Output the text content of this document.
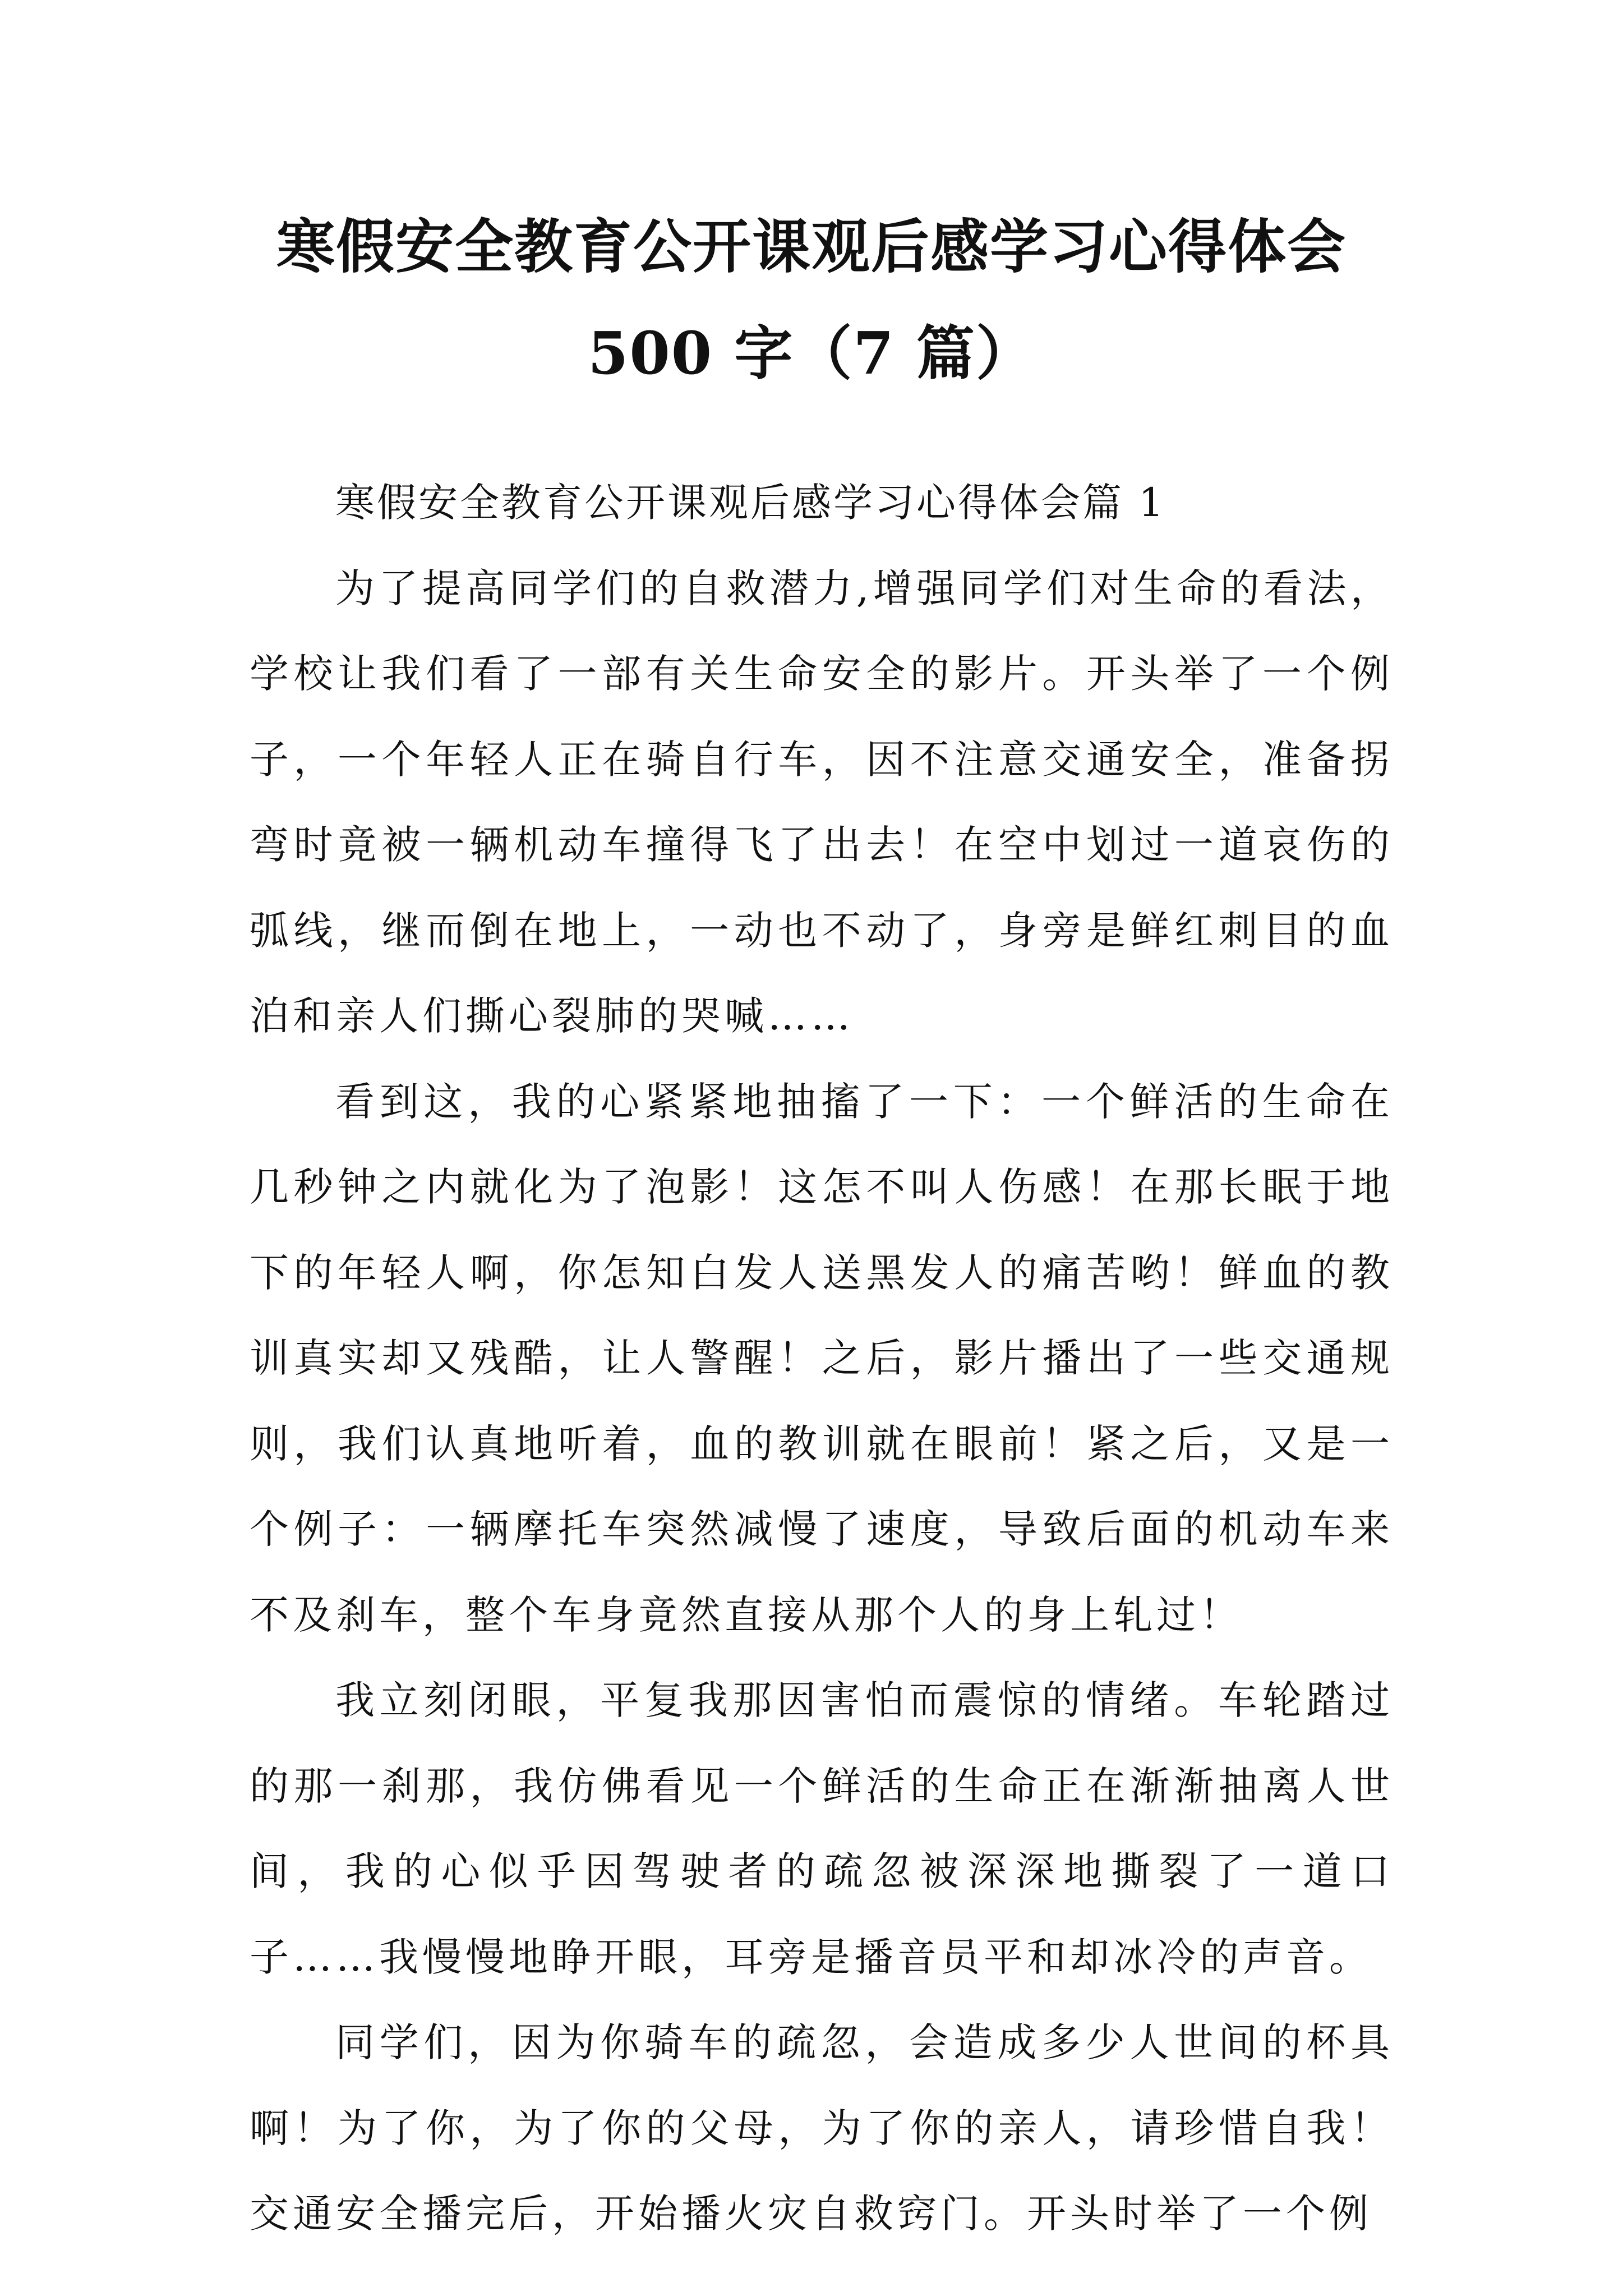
寒假安全教育公开课观后感学习心得体会
500 字（7 篇）

寒假安全教育公开课观后感学习心得体会篇 1

为了提高同学们的自救潜力,增强同学们对生命的看法，学校让我们看了一部有关生命安全的影片。开头举了一个例子，一个年轻人正在骑自行车，因不注意交通安全，准备拐弯时竟被一辆机动车撞得飞了出去！在空中划过一道哀伤的弧线，继而倒在地上，一动也不动了，身旁是鲜红刺目的血泊和亲人们撕心裂肺的哭喊……

看到这，我的心紧紧地抽搐了一下：一个鲜活的生命在几秒钟之内就化为了泡影！这怎不叫人伤感！在那长眠于地下的年轻人啊，你怎知白发人送黑发人的痛苦哟！鲜血的教训真实却又残酷，让人警醒！之后，影片播出了一些交通规则，我们认真地听着，血的教训就在眼前！紧之后，又是一个例子：一辆摩托车突然减慢了速度，导致后面的机动车来不及刹车，整个车身竟然直接从那个人的身上轧过！

我立刻闭眼，平复我那因害怕而震惊的情绪。车轮踏过的那一刹那，我仿佛看见一个鲜活的生命正在渐渐抽离人世间，我的心似乎因驾驶者的疏忽被深深地撕裂了一道口子……我慢慢地睁开眼，耳旁是播音员平和却冰冷的声音。

同学们，因为你骑车的疏忽，会造成多少人世间的杯具啊！为了你，为了你的父母，为了你的亲人，请珍惜自我！交通安全播完后，开始播火灾自救窍门。开头时举了一个例
